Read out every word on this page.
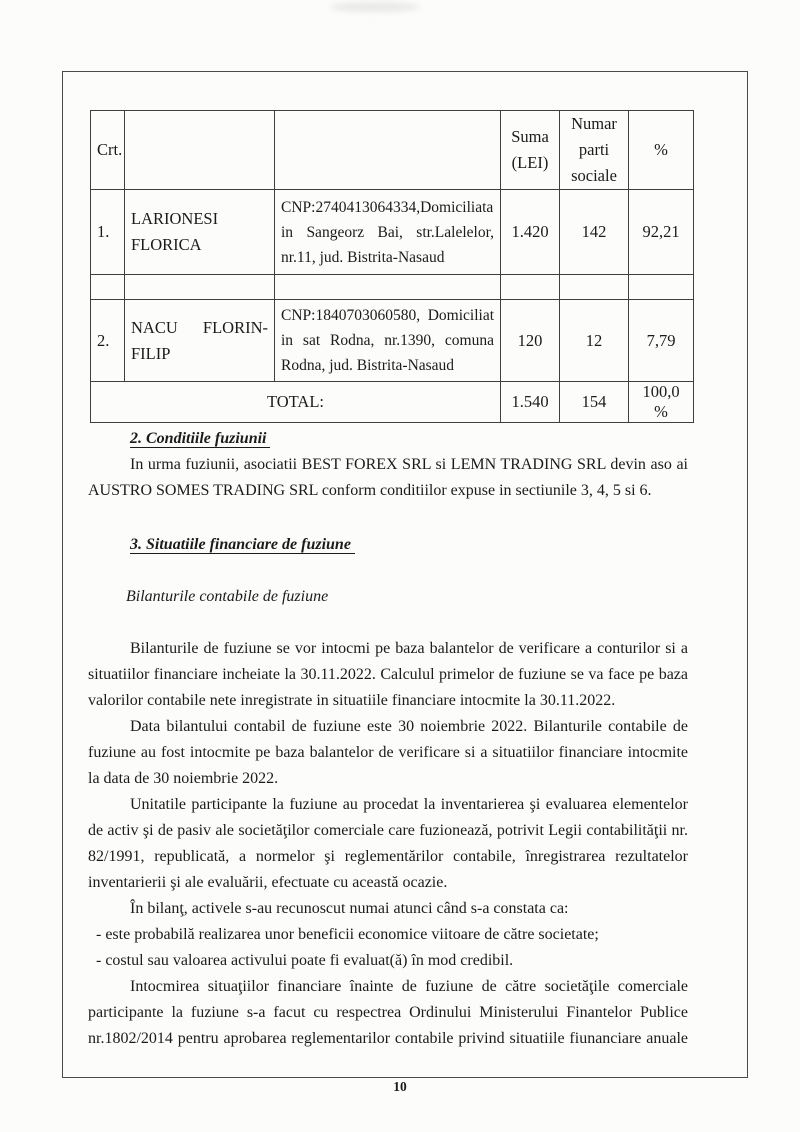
Crt.			Suma (LEI)	Numar parti sociale	%
1.	LARIONESI FLORICA	CNP:2740413064334,Domiciliata in Sangeorz Bai, str.Lalelelor, nr.11, jud. Bistrita-Nasaud	1.420	142	92,21

2.	NACU FLORIN-FILIP	CNP:1840703060580, Domiciliat in sat Rodna, nr.1390, comuna Rodna, jud. Bistrita-Nasaud	120	12	7,79
TOTAL:			1.540	154	100,0 %

2. Conditiile fuziunii

In urma fuziunii, asociatii BEST FOREX SRL si LEMN TRADING SRL devin aso ai AUSTRO SOMES TRADING SRL conform conditiilor expuse in sectiunile 3, 4, 5 si 6.

3. Situatiile financiare de fuziune

Bilanturile contabile de fuziune

Bilanturile de fuziune se vor intocmi pe baza balantelor de verificare a conturilor si a situatiilor financiare incheiate la 30.11.2022. Calculul primelor de fuziune se va face pe baza valorilor contabile nete inregistrate in situatiile financiare intocmite la 30.11.2022.

Data bilantului contabil de fuziune este 30 noiembrie 2022. Bilanturile contabile de fuziune au fost intocmite pe baza balantelor de verificare si a situatiilor financiare intocmite la data de 30 noiembrie 2022.

Unitatile participante la fuziune au procedat la inventarierea şi evaluarea elementelor de activ şi de pasiv ale societăţilor comerciale care fuzionează, potrivit Legii contabilităţii nr. 82/1991, republicată, a normelor şi reglementărilor contabile, înregistrarea rezultatelor inventarierii şi ale evaluării, efectuate cu această ocazie.

În bilanţ, activele s-au recunoscut numai atunci când s-a constata ca:

- este probabilă realizarea unor beneficii economice viitoare de către societate;

- costul sau valoarea activului poate fi evaluat(ă) în mod credibil.

Intocmirea situaţiilor financiare înainte de fuziune de către societăţile comerciale participante la fuziune s-a facut cu respectrea Ordinului Ministerului Finantelor Publice nr.1802/2014 pentru aprobarea reglementarilor contabile privind situatiile fiunanciare anuale

10
